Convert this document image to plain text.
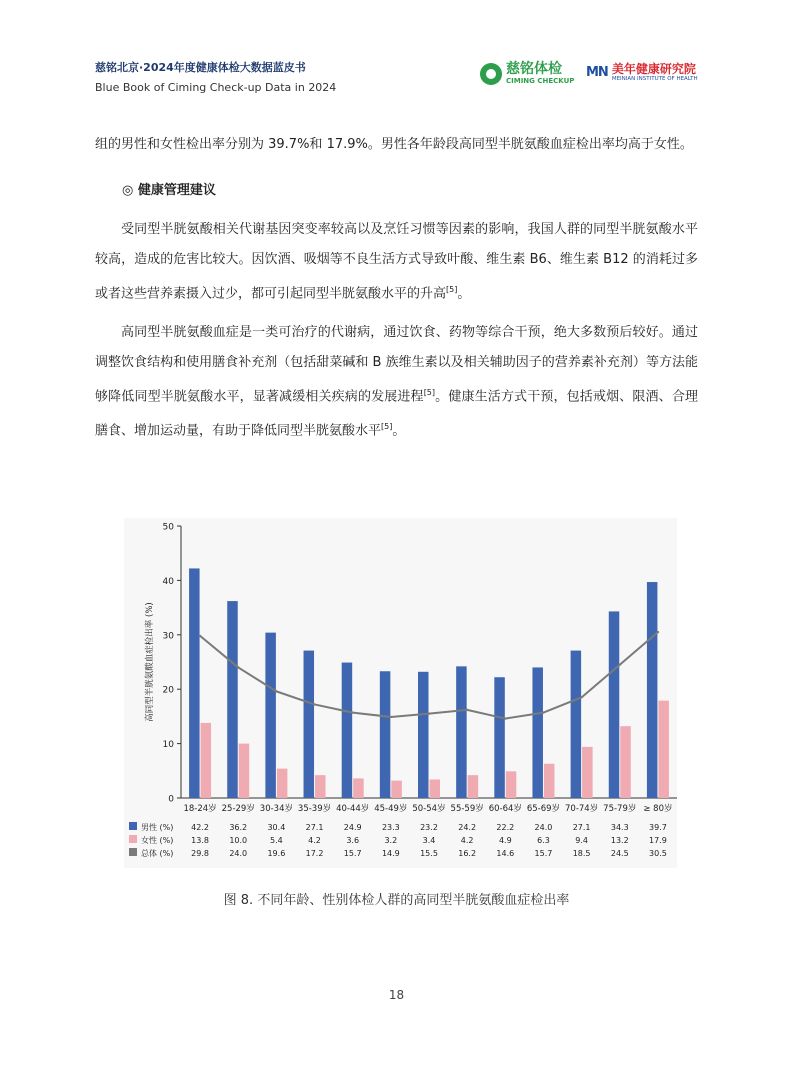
慈铭北京·2024年度健康体检大数据蓝皮书
Blue Book of Ciming Check-up Data in 2024
慈铭体检
CIMING CHECKUP
MN 美年健康研究院
MEINIAN INSTITUTE OF HEALTH
组的男性和女性检出率分别为 39.7%和 17.9%。男性各年龄段高同型半胱氨酸血症检出率均高于女性。
◎ 健康管理建议
受同型半胱氨酸相关代谢基因突变率较高以及烹饪习惯等因素的影响，我国人群的同型半胱氨酸水平较高，造成的危害比较大。因饮酒、吸烟等不良生活方式导致叶酸、维生素 B6、维生素 B12 的消耗过多或者这些营养素摄入过少，都可引起同型半胱氨酸水平的升高[5]。
高同型半胱氨酸血症是一类可治疗的代谢病，通过饮食、药物等综合干预，绝大多数预后较好。通过调整饮食结构和使用膳食补充剂（包括甜菜碱和 B 族维生素以及相关辅助因子的营养素补充剂）等方法能够降低同型半胱氨酸水平，显著减缓相关疾病的发展进程[5]。健康生活方式干预，包括戒烟、限酒、合理膳食、增加运动量，有助于降低同型半胱氨酸水平[5]。
0
10
20
30
40
50
高同型半胱氨酸血症检出率 (%)
18-24岁 25-29岁 30-34岁 35-39岁 40-44岁 45-49岁 50-54岁 55-59岁 60-64岁 65-69岁 70-74岁 75-79岁 ≥ 80岁
男性 (%) 42.2	36.2	30.4	27.1	24.9	23.3	23.2	24.2	22.2	24.0	27.1	34.3	39.7
女性 (%) 13.8	10.0	5.4	4.2	3.6	3.2	3.4	4.2	4.9	6.3	9.4	13.2	17.9
总体 (%) 29.8	24.0	19.6	17.2	15.7	14.9	15.5	16.2	14.6	15.7	18.5	24.5	30.5
图 8. 不同年龄、性别体检人群的高同型半胱氨酸血症检出率
18
